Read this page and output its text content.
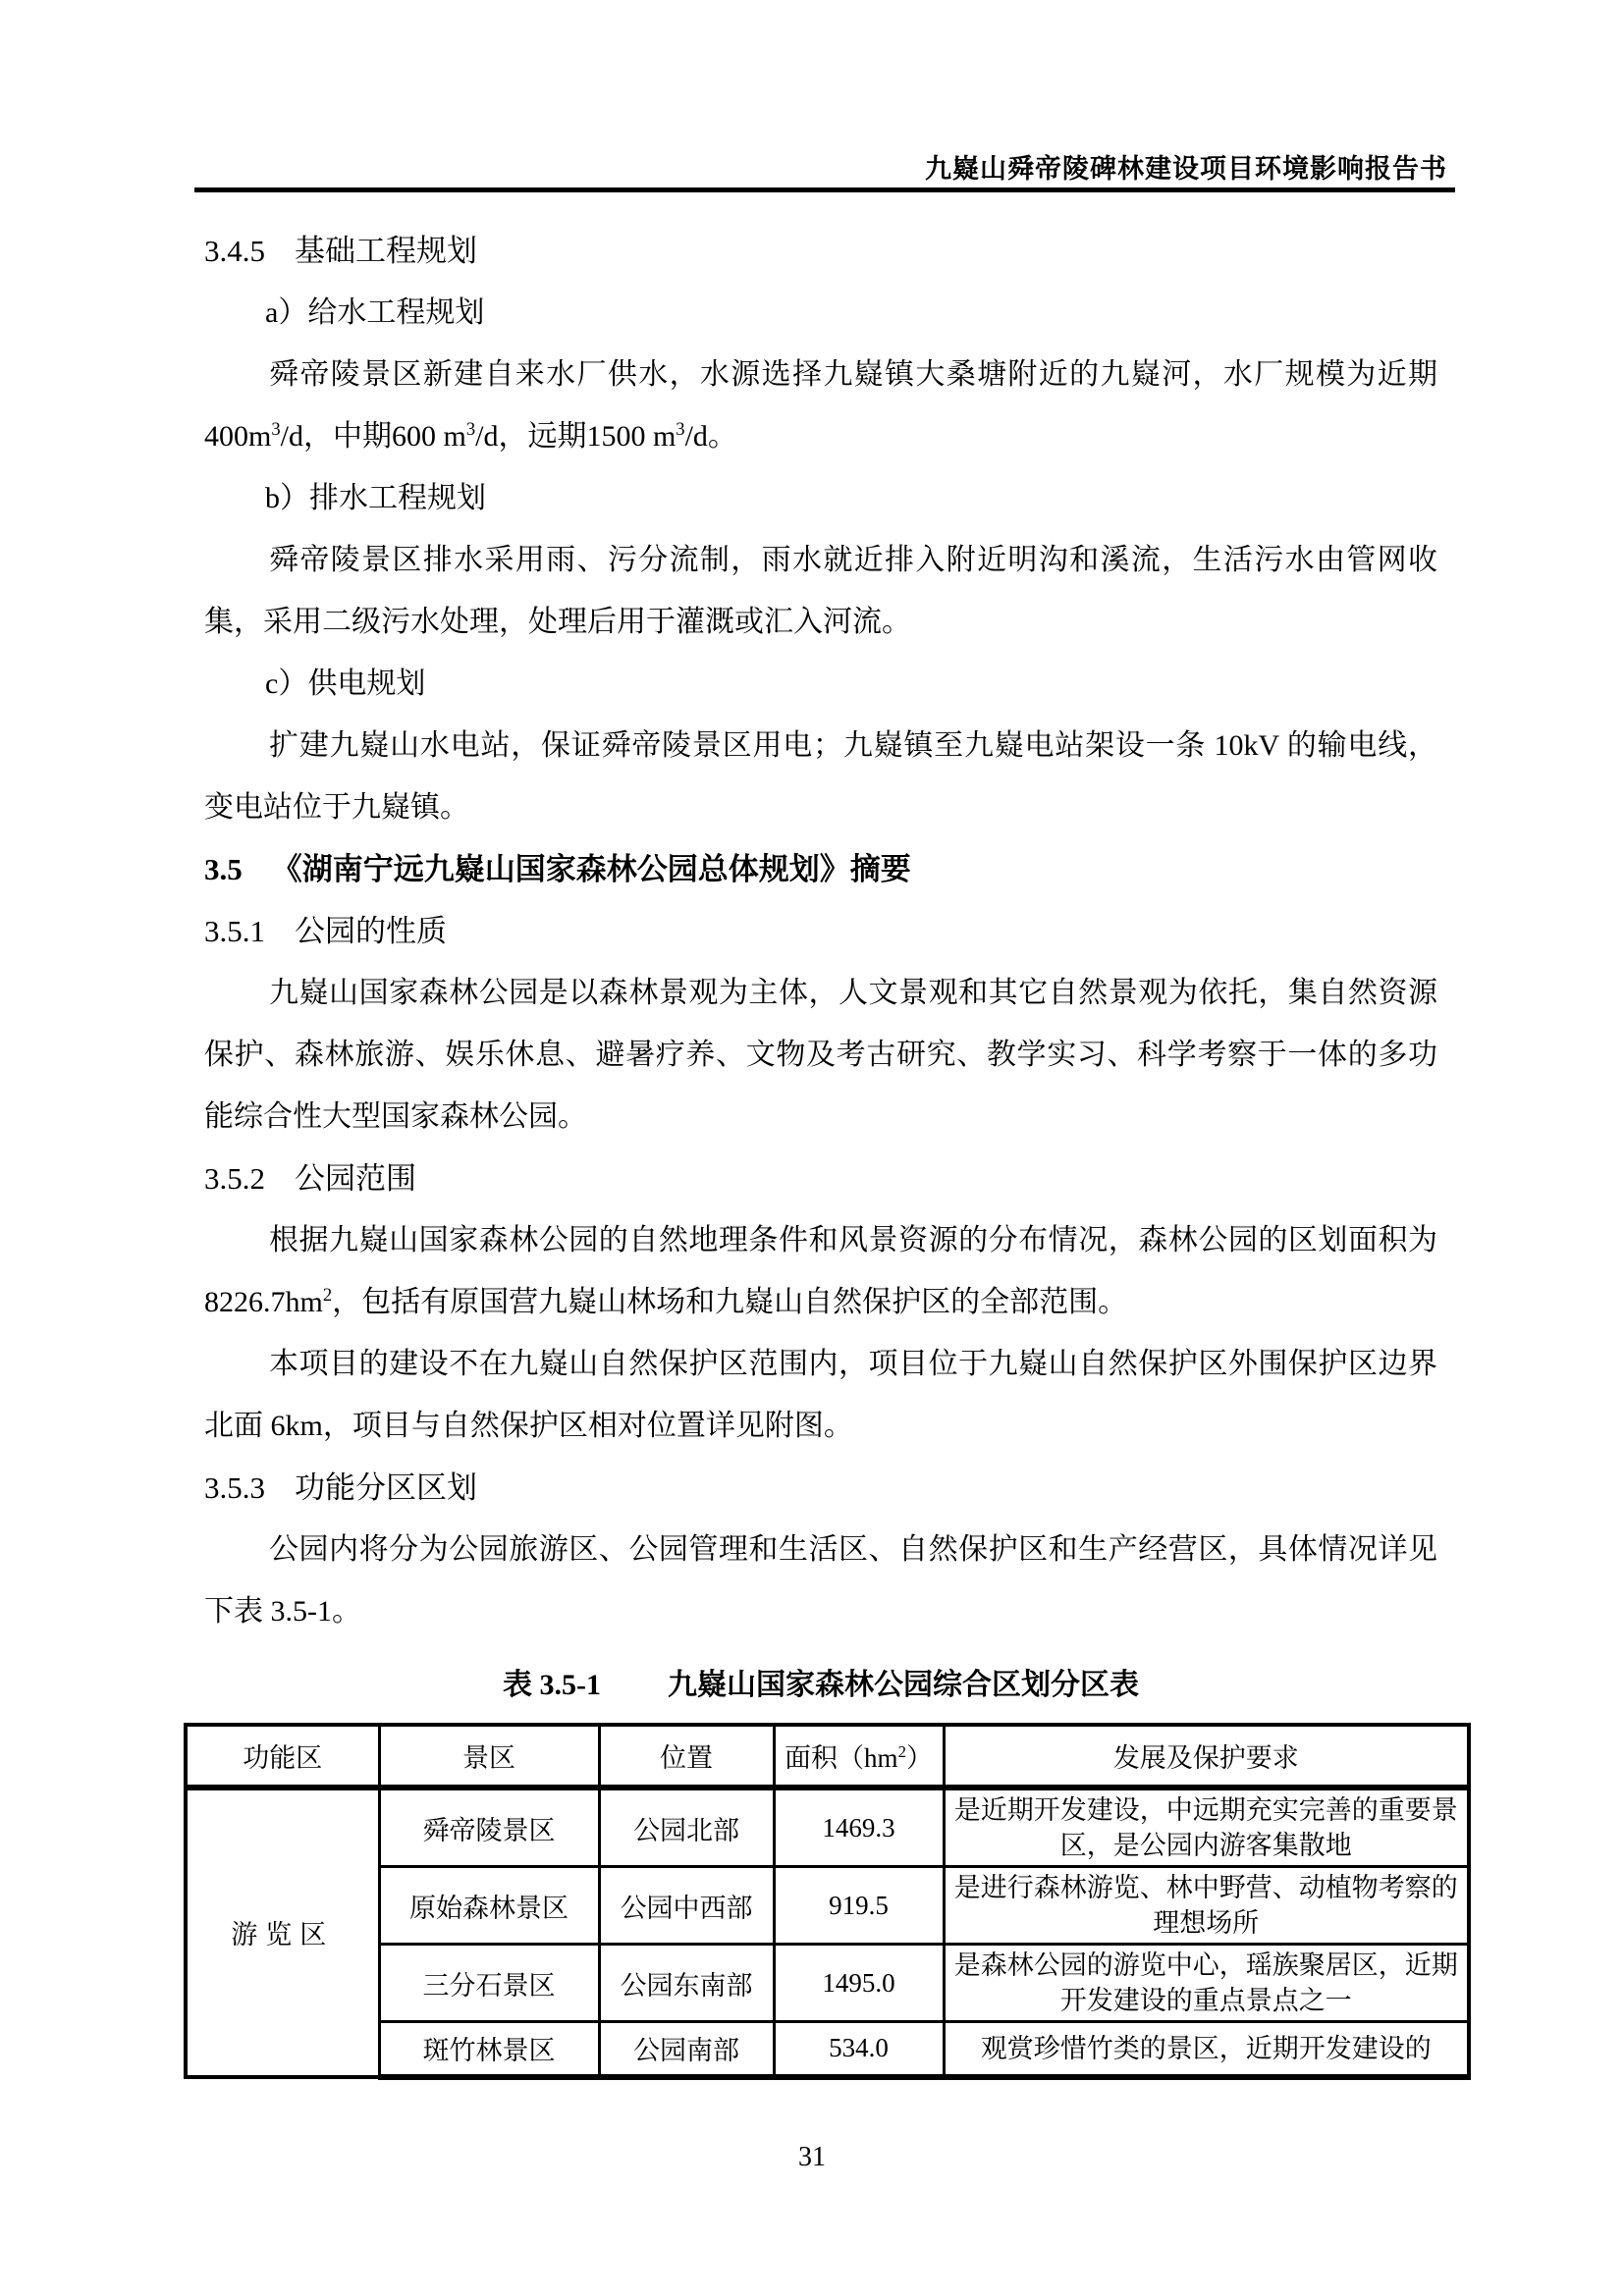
九嶷山舜帝陵碑林建设项目环境影响报告书
3.4.5 基础工程规划
a）给水工程规划

舜帝陵景区新建自来水厂供水，水源选择九嶷镇大桑塘附近的九嶷河，水厂规模为近期$400m^3/d$，中期600 $m^3/d$，远期1500 $m^3/d$。

b）排水工程规划

舜帝陵景区排水采用雨、污分流制，雨水就近排入附近明沟和溪流，生活污水由管网收集，采用二级污水处理，处理后用于灌溉或汇入河流。

c）供电规划

扩建九嶷山水电站，保证舜帝陵景区用电；九嶷镇至九嶷电站架设一条 10kV 的输电线，变电站位于九嶷镇。

3.5 《湖南宁远九嶷山国家森林公园总体规划》摘要
3.5.1 公园的性质

九嶷山国家森林公园是以森林景观为主体，人文景观和其它自然景观为依托，集自然资源保护、森林旅游、娱乐休息、避暑疗养、文物及考古研究、教学实习、科学考察于一体的多功能综合性大型国家森林公园。

3.5.2 公园范围

根据九嶷山国家森林公园的自然地理条件和风景资源的分布情况，森林公园的区划面积为 $8226.7hm^2$，包括有原国营九嶷山林场和九嶷山自然保护区的全部范围。

本项目的建设不在九嶷山自然保护区范围内，项目位于九嶷山自然保护区外围保护区边界北面 6km，项目与自然保护区相对位置详见附图。

3.5.3 功能分区区划

公园内将分为公园旅游区、公园管理和生活区、自然保护区和生产经营区，具体情况详见下表 3.5-1。

表 3.5-1 九嶷山国家森林公园综合区划分区表
功能区	景区	位置	面积$(hm^2)$	发展及保护要求
游览区	舜帝陵景区	公园北部	1469.3	是近期开发建设，中远期充实完善的重要景区，是公园内游客集散地
	原始森林景区	公园中西部	919.5	是进行森林游览、林中野营、动植物考察的理想场所
	三分石景区	公园东南部	1495.0	是森林公园的游览中心，瑶族聚居区，近期开发建设的重点景点之一
	斑竹林景区	公园南部	534.0	观赏珍惜竹类的景区，近期开发建设的
31
